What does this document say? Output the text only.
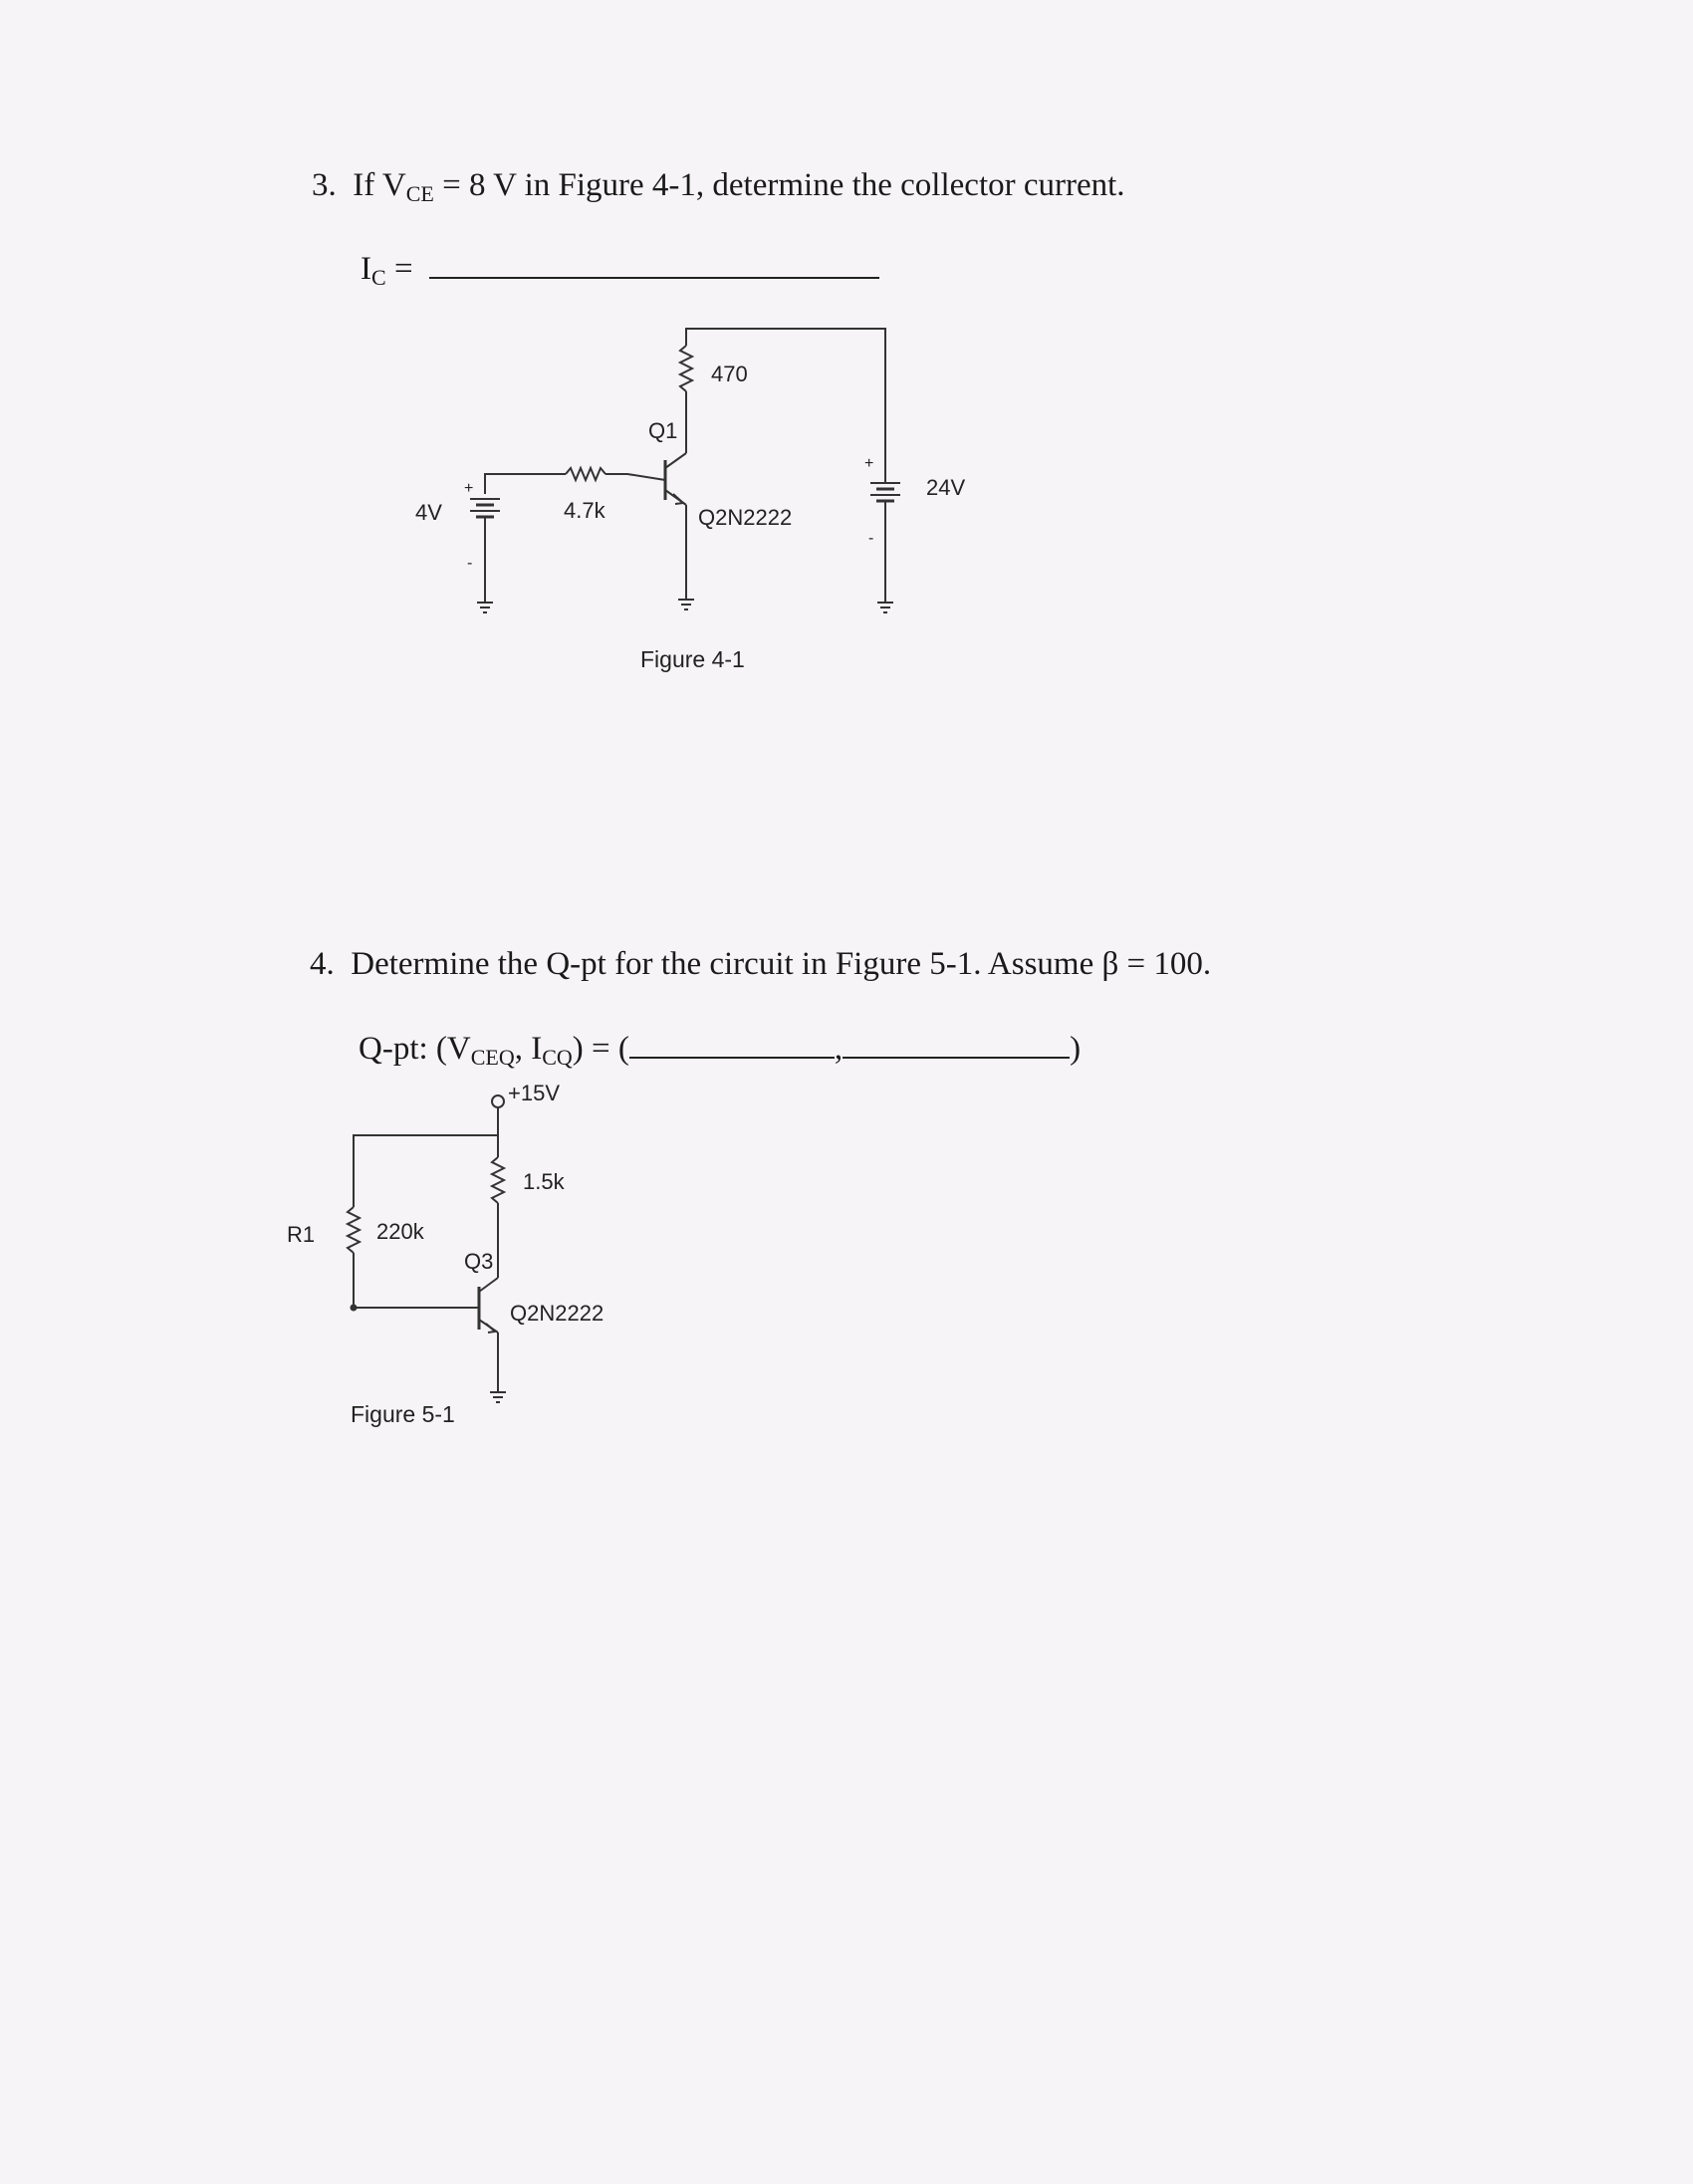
3. If $V_{CE} = 8$ V in Figure 4-1, determine the collector current.
$I_C$ =
4. Determine the Q-pt for the circuit in Figure 5-1. Assume β = 100.
Q-pt: ($V_{CEQ}$, $I_{CQ}$) = (	,	)
470
Q1
4.7k
4V
+
-
+
-
24V
Q2N2222
Figure 4-1
+15V
1.5k
R1	220k
Q3
Q2N2222
Figure 5-1
